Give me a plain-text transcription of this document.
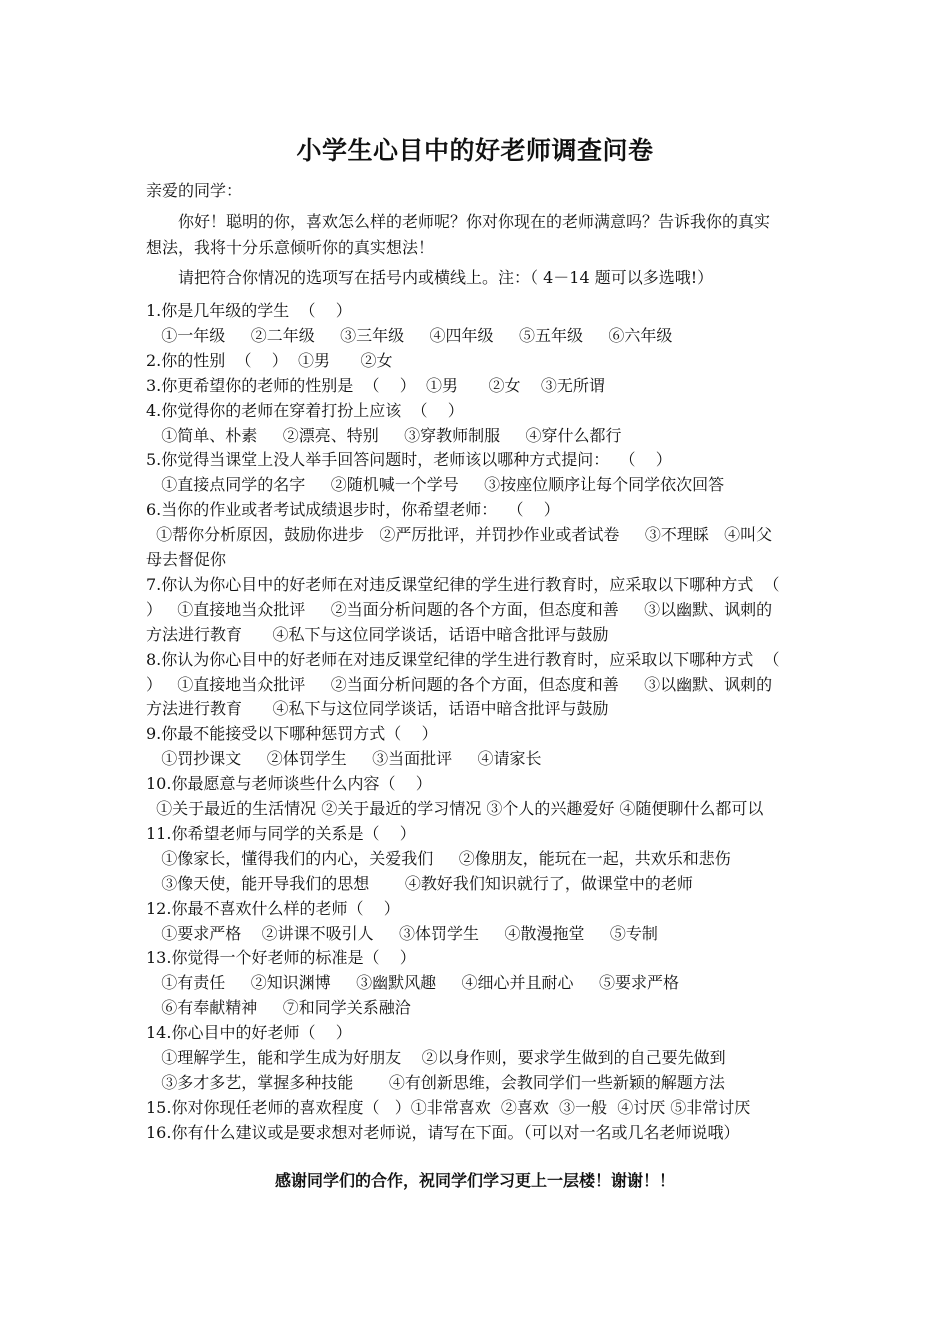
小学生心目中的好老师调查问卷
亲爱的同学：
你好！聪明的你，喜欢怎么样的老师呢？你对你现在的老师满意吗？告诉我你的真实
想法，我将十分乐意倾听你的真实想法！
请把符合你情况的选项写在括号内或横线上。注：（ 4－14 题可以多选哦!）
1.你是几年级的学生  （    ）
①一年级     ②二年级     ③三年级     ④四年级     ⑤五年级     ⑥六年级
2.你的性别  （    ）  ①男      ②女
3.你更希望你的老师的性别是  （    ）  ①男      ②女    ③无所谓
4.你觉得你的老师在穿着打扮上应该  （    ）
①简单、朴素     ②漂亮、特别     ③穿教师制服     ④穿什么都行
5.你觉得当课堂上没人举手回答问题时，老师该以哪种方式提问：  （    ）
①直接点同学的名字     ②随机喊一个学号     ③按座位顺序让每个同学依次回答
6.当你的作业或者考试成绩退步时，你希望老师：  （    ）
①帮你分析原因，鼓励你进步   ②严厉批评，并罚抄作业或者试卷     ③不理睬   ④叫父
母去督促你
7.你认为你心目中的好老师在对违反课堂纪律的学生进行教育时，应采取以下哪种方式  （
）   ①直接地当众批评     ②当面分析问题的各个方面，但态度和善     ③以幽默、讽刺的
方法进行教育      ④私下与这位同学谈话，话语中暗含批评与鼓励
8.你认为你心目中的好老师在对违反课堂纪律的学生进行教育时，应采取以下哪种方式  （
）   ①直接地当众批评     ②当面分析问题的各个方面，但态度和善     ③以幽默、讽刺的
方法进行教育      ④私下与这位同学谈话，话语中暗含批评与鼓励
9.你最不能接受以下哪种惩罚方式（    ）
①罚抄课文     ②体罚学生     ③当面批评     ④请家长
10.你最愿意与老师谈些什么内容（    ）
①关于最近的生活情况 ②关于最近的学习情况 ③个人的兴趣爱好 ④随便聊什么都可以
11.你希望老师与同学的关系是（    ）
①像家长，懂得我们的内心，关爱我们     ②像朋友，能玩在一起，共欢乐和悲伤
③像天使，能开导我们的思想       ④教好我们知识就行了，做课堂中的老师
12.你最不喜欢什么样的老师（    ）
①要求严格    ②讲课不吸引人     ③体罚学生     ④散漫拖堂     ⑤专制
13.你觉得一个好老师的标准是（    ）
①有责任     ②知识渊博     ③幽默风趣     ④细心并且耐心     ⑤要求严格
⑥有奉献精神     ⑦和同学关系融洽
14.你心目中的好老师（    ）
①理解学生，能和学生成为好朋友    ②以身作则，要求学生做到的自己要先做到
③多才多艺，掌握多种技能       ④有创新思维，会教同学们一些新颖的解题方法
15.你对你现任老师的喜欢程度（   ）①非常喜欢  ②喜欢  ③一般  ④讨厌 ⑤非常讨厌
16.你有什么建议或是要求想对老师说，请写在下面。（可以对一名或几名老师说哦）
感谢同学们的合作，祝同学们学习更上一层楼！谢谢！！
